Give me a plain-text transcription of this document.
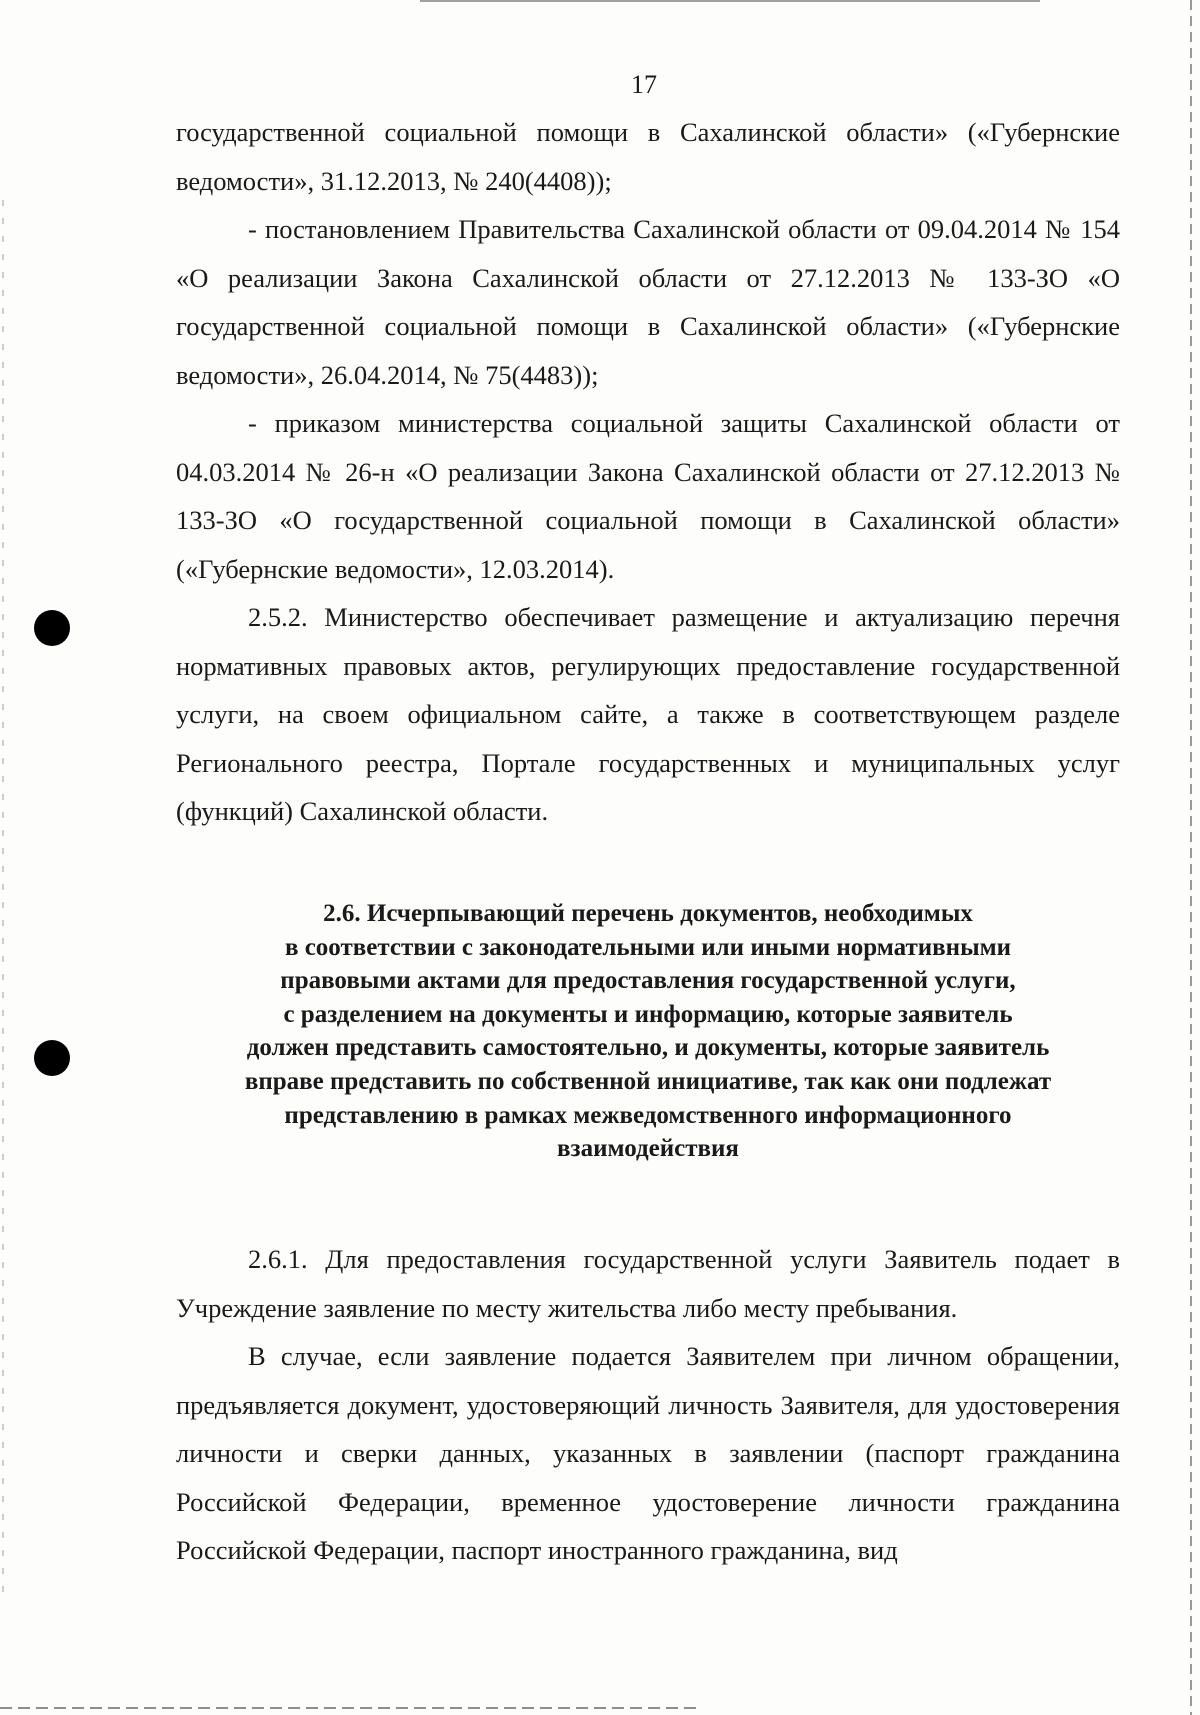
17

государственной социальной помощи в Сахалинской области» («Губернские ведомости», 31.12.2013, № 240(4408));

- постановлением Правительства Сахалинской области от 09.04.2014 № 154 «О реализации Закона Сахалинской области от 27.12.2013 № 133-ЗО «О государственной социальной помощи в Сахалинской области» («Губернские ведомости», 26.04.2014, № 75(4483));

- приказом министерства социальной защиты Сахалинской области от 04.03.2014 № 26-н «О реализации Закона Сахалинской области от 27.12.2013 № 133-ЗО «О государственной социальной помощи в Сахалинской области» («Губернские ведомости», 12.03.2014).

2.5.2. Министерство обеспечивает размещение и актуализацию перечня нормативных правовых актов, регулирующих предоставление государственной услуги, на своем официальном сайте, а также в соответствующем разделе Регионального реестра, Портале государственных и муниципальных услуг (функций) Сахалинской области.

2.6. Исчерпывающий перечень документов, необходимых
в соответствии с законодательными или иными нормативными
правовыми актами для предоставления государственной услуги,
с разделением на документы и информацию, которые заявитель
должен представить самостоятельно, и документы, которые заявитель
вправе представить по собственной инициативе, так как они подлежат
представлению в рамках межведомственного информационного
взаимодействия

2.6.1. Для предоставления государственной услуги Заявитель подает в Учреждение заявление по месту жительства либо месту пребывания.

В случае, если заявление подается Заявителем при личном обращении, предъявляется документ, удостоверяющий личность Заявителя, для удостоверения личности и сверки данных, указанных в заявлении (паспорт гражданина Российской Федерации, временное удостоверение личности гражданина Российской Федерации, паспорт иностранного гражданина, вид
